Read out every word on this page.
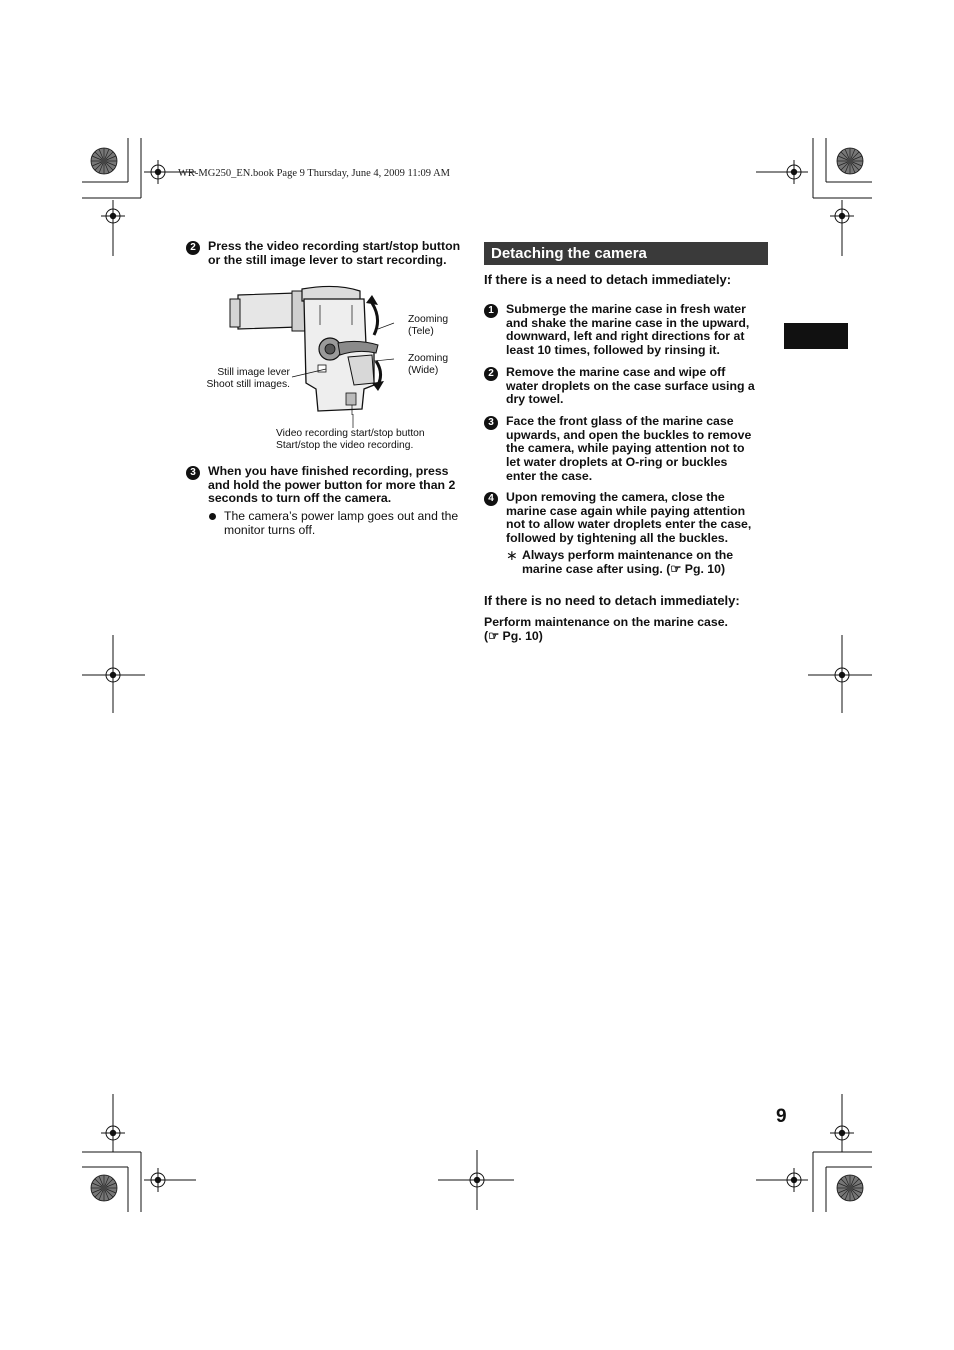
WR-MG250_EN.book Page 9 Thursday, June 4, 2009 11:09 AM
2 Press the video recording start/stop button
or the still image lever to start recording.
Zooming
(Tele)
Zooming
(Wide)
Still image lever
Shoot still images.
Video recording start/stop button
Start/stop the video recording.
3 When you have finished recording, press
and hold the power button for more than 2
seconds to turn off the camera.
The camera’s power lamp goes out and the
monitor turns off.
Detaching the camera
If there is a need to detach immediately:
1 Submerge the marine case in fresh water
and shake the marine case in the upward,
downward, left and right directions for at
least 10 times, followed by rinsing it.
2 Remove the marine case and wipe off
water droplets on the case surface using a
dry towel.
3 Face the front glass of the marine case
upwards, and open the buckles to remove
the camera, while paying attention not to
let water droplets at O-ring or buckles
enter the case.
4 Upon removing the camera, close the
marine case again while paying attention
not to allow water droplets enter the case,
followed by tightening all the buckles.
∗ Always perform maintenance on the
marine case after using. (☞ Pg. 10)
If there is no need to detach immediately:
Perform maintenance on the marine case.
(☞ Pg. 10)
9
